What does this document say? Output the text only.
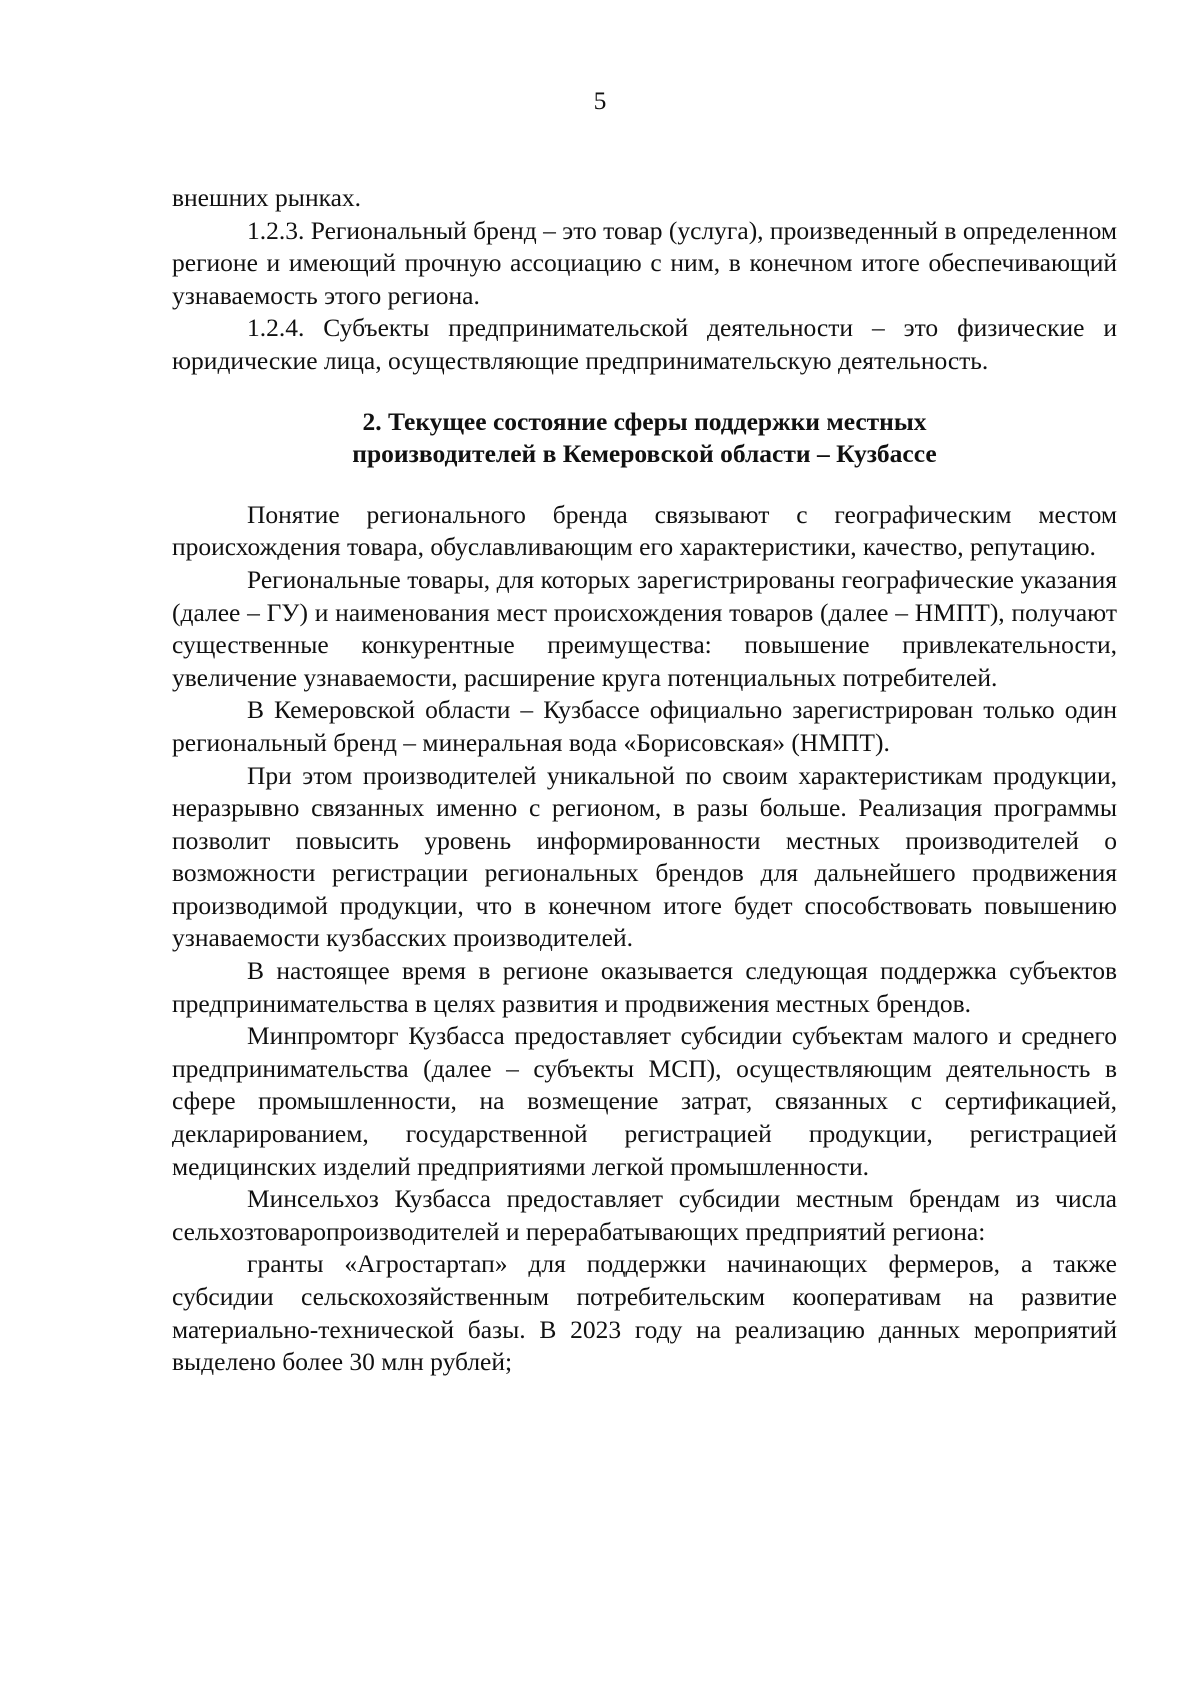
5

внешних рынках.

1.2.3. Региональный бренд – это товар (услуга), произведенный в определенном регионе и имеющий прочную ассоциацию с ним, в конечном итоге обеспечивающий узнаваемость этого региона.

1.2.4. Субъекты предпринимательской деятельности – это физические и юридические лица, осуществляющие предпринимательскую деятельность.

2. Текущее состояние сферы поддержки местных
производителей в Кемеровской области – Кузбассе

Понятие регионального бренда связывают с географическим местом происхождения товара, обуславливающим его характеристики, качество, репутацию.

Региональные товары, для которых зарегистрированы географические указания (далее – ГУ) и наименования мест происхождения товаров (далее – НМПТ), получают существенные конкурентные преимущества: повышение привлекательности, увеличение узнаваемости, расширение круга потенциальных потребителей.

В Кемеровской области – Кузбассе официально зарегистрирован только один региональный бренд – минеральная вода «Борисовская» (НМПТ).

При этом производителей уникальной по своим характеристикам продукции, неразрывно связанных именно с регионом, в разы больше. Реализация программы позволит повысить уровень информированности местных производителей о возможности регистрации региональных брендов для дальнейшего продвижения производимой продукции, что в конечном итоге будет способствовать повышению узнаваемости кузбасских производителей.

В настоящее время в регионе оказывается следующая поддержка субъектов предпринимательства в целях развития и продвижения местных брендов.

Минпромторг Кузбасса предоставляет субсидии субъектам малого и среднего предпринимательства (далее – субъекты МСП), осуществляющим деятельность в сфере промышленности, на возмещение затрат, связанных с сертификацией, декларированием, государственной регистрацией продукции, регистрацией медицинских изделий предприятиями легкой промышленности.

Минсельхоз Кузбасса предоставляет субсидии местным брендам из числа сельхозтоваропроизводителей и перерабатывающих предприятий региона:

гранты «Агростартап» для поддержки начинающих фермеров, а также субсидии сельскохозяйственным потребительским кооперативам на развитие материально-технической базы. В 2023 году на реализацию данных мероприятий выделено более 30 млн рублей;
